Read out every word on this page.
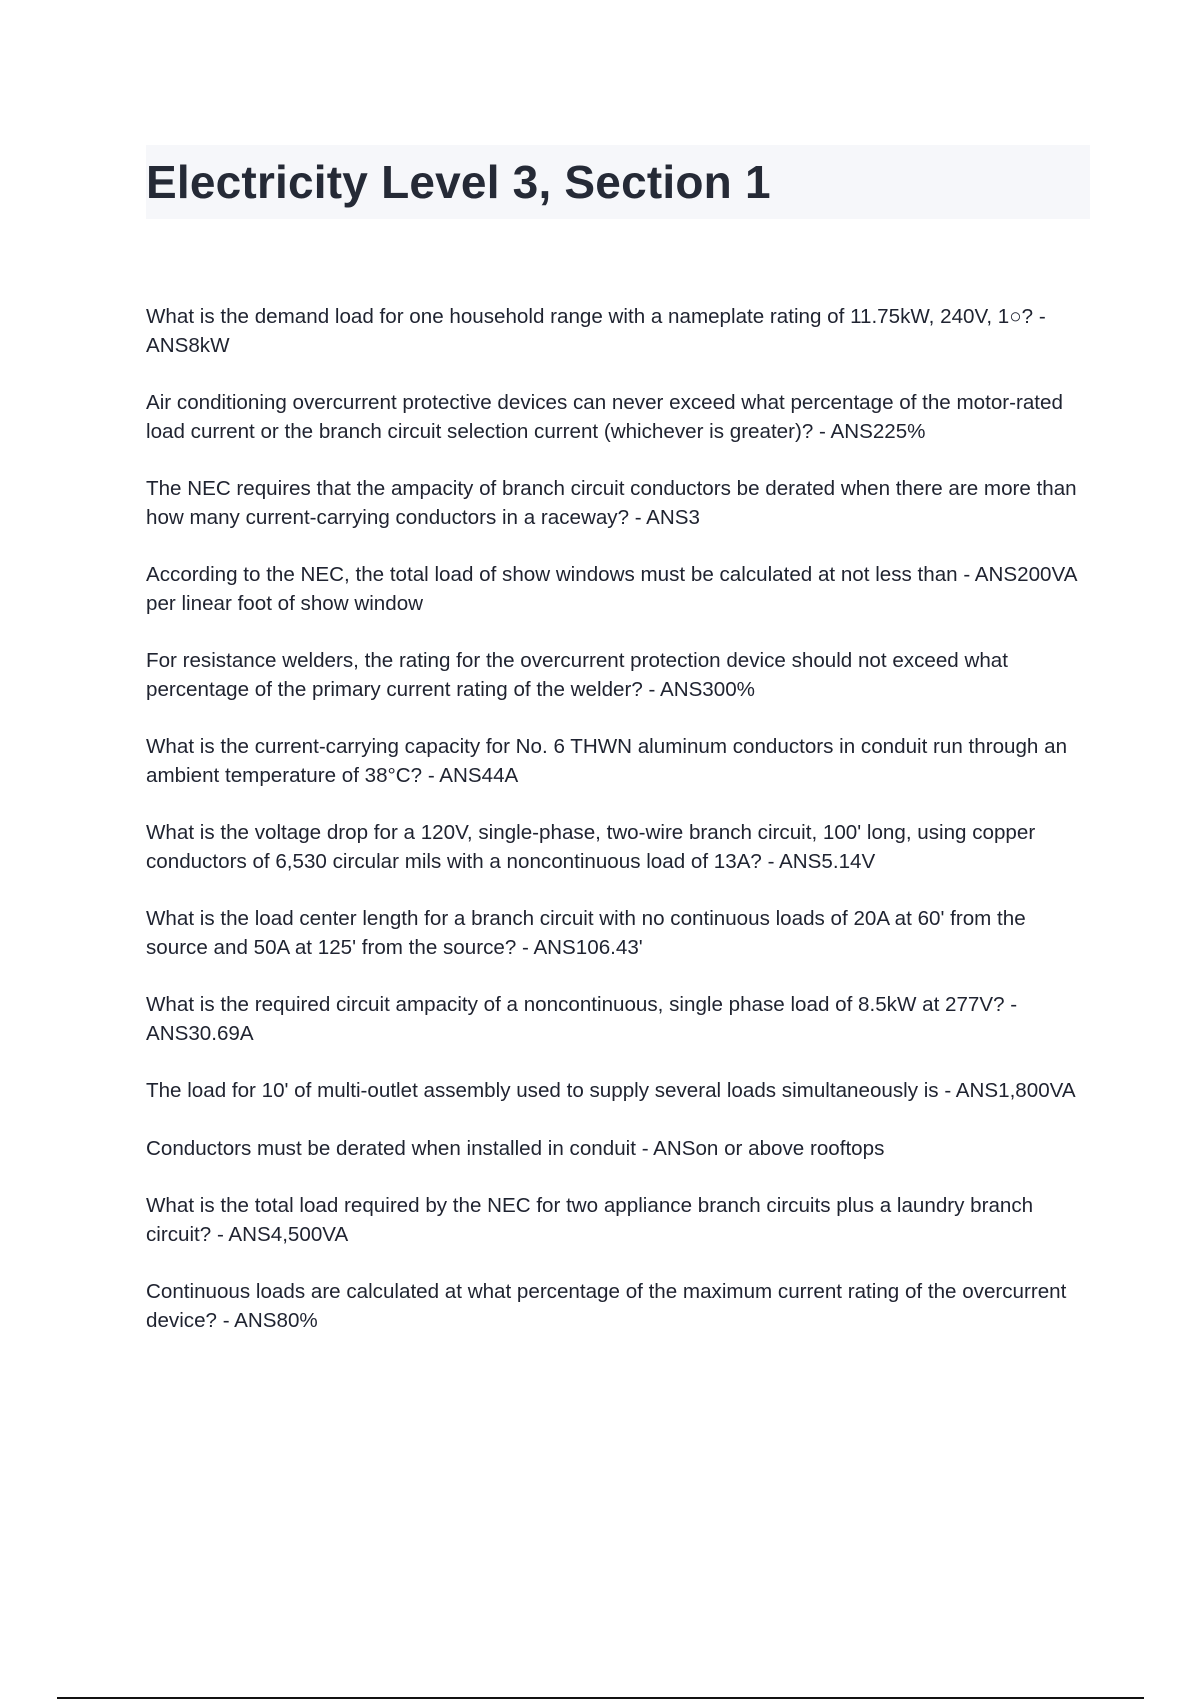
Electricity Level 3, Section 1
What is the demand load for one household range with a nameplate rating of 11.75kW, 240V, 1○? - ANS8kW
Air conditioning overcurrent protective devices can never exceed what percentage of the motor-rated load current or the branch circuit selection current (whichever is greater)? - ANS225%
The NEC requires that the ampacity of branch circuit conductors be derated when there are more than how many current-carrying conductors in a raceway? - ANS3
According to the NEC, the total load of show windows must be calculated at not less than - ANS200VA per linear foot of show window
For resistance welders, the rating for the overcurrent protection device should not exceed what percentage of the primary current rating of the welder? - ANS300%
What is the current-carrying capacity for No. 6 THWN aluminum conductors in conduit run through an ambient temperature of 38°C? - ANS44A
What is the voltage drop for a 120V, single-phase, two-wire branch circuit, 100' long, using copper conductors of 6,530 circular mils with a noncontinuous load of 13A? - ANS5.14V
What is the load center length for a branch circuit with no continuous loads of 20A at 60' from the source and 50A at 125' from the source? - ANS106.43'
What is the required circuit ampacity of a noncontinuous, single phase load of 8.5kW at 277V? - ANS30.69A
The load for 10' of multi-outlet assembly used to supply several loads simultaneously is - ANS1,800VA
Conductors must be derated when installed in conduit - ANSon or above rooftops
What is the total load required by the NEC for two appliance branch circuits plus a laundry branch circuit? - ANS4,500VA
Continuous loads are calculated at what percentage of the maximum current rating of the overcurrent device? - ANS80%
